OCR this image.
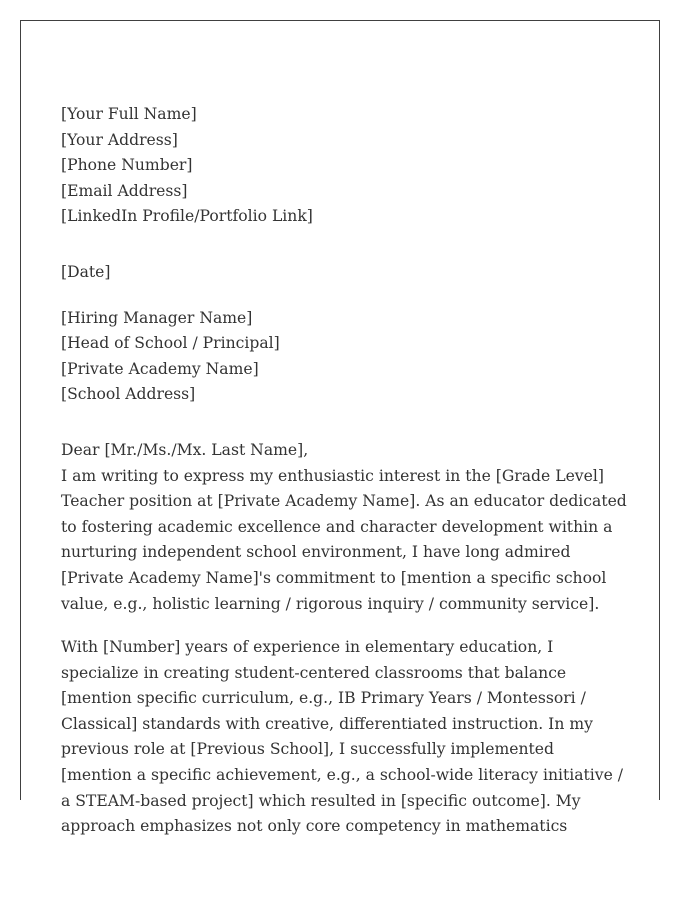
[Your Full Name]
[Your Address]
[Phone Number]
[Email Address]
[LinkedIn Profile/Portfolio Link]
[Date]
[Hiring Manager Name]
[Head of School / Principal]
[Private Academy Name]
[School Address]
Dear [Mr./Ms./Mx. Last Name],

I am writing to express my enthusiastic interest in the [Grade Level] Teacher position at [Private Academy Name]. As an educator dedicated to fostering academic excellence and character development within a nurturing independent school environment, I have long admired [Private Academy Name]'s commitment to [mention a specific school value, e.g., holistic learning / rigorous inquiry / community service].

With [Number] years of experience in elementary education, I specialize in creating student-centered classrooms that balance [mention specific curriculum, e.g., IB Primary Years / Montessori / Classical] standards with creative, differentiated instruction. In my previous role at [Previous School], I successfully implemented [mention a specific achievement, e.g., a school-wide literacy initiative / a STEAM-based project] which resulted in [specific outcome]. My approach emphasizes not only core competency in mathematics
